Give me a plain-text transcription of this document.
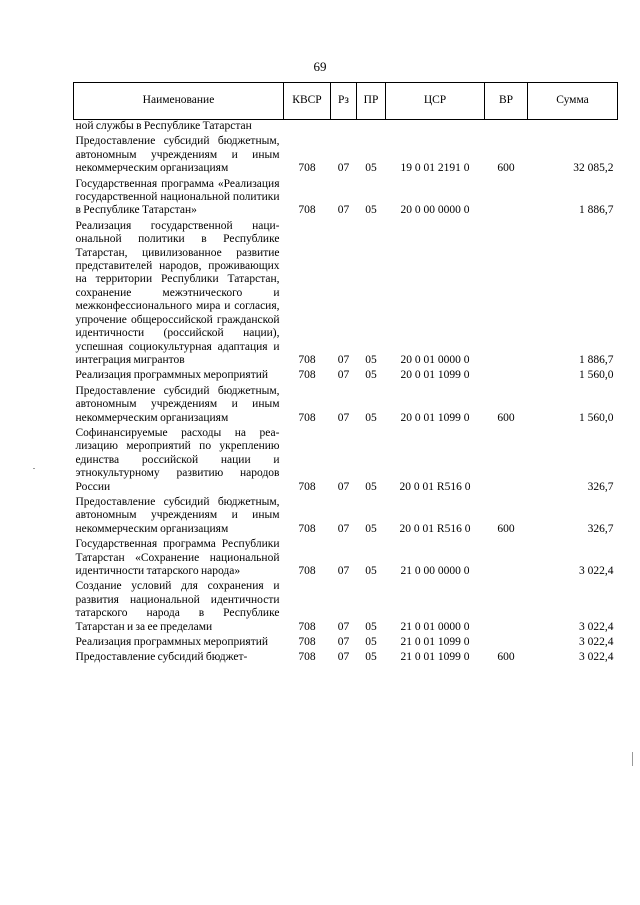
69
Наименование	КВСР	Рз	ПР	ЦСР	ВР	Сумма
ной службы в Республике Татарстан						
Предоставление субсидий бюджетным, автономным учреждениям и иным некоммерческим организациям	708	07	05	19 0 01 2191 0	600	32 085,2
Государственная программа «Реализация государственной национальной политики в Республике Татарстан»	708	07	05	20 0 00 0000 0		1 886,7
Реализация государственной национальной политики в Республике Татарстан, цивилизованное развитие представителей народов, проживающих на территории Республики Татарстан, сохранение межэтнического и межконфессионального мира и согласия, упрочение общероссийской гражданской идентичности (российской нации), успешная социокультурная адаптация и интеграция мигрантов	708	07	05	20 0 01 0000 0		1 886,7
Реализация программных мероприятий	708	07	05	20 0 01 1099 0		1 560,0
Предоставление субсидий бюджетным, автономным учреждениям и иным некоммерческим организациям	708	07	05	20 0 01 1099 0	600	1 560,0
Софинансируемые расходы на реализацию мероприятий по укреплению единства российской нации и этнокультурному развитию народов России	708	07	05	20 0 01 R516 0		326,7
Предоставление субсидий бюджетным, автономным учреждениям и иным некоммерческим организациям	708	07	05	20 0 01 R516 0	600	326,7
Государственная программа Республики Татарстан «Сохранение национальной идентичности татарского народа»	708	07	05	21 0 00 0000 0		3 022,4
Создание условий для сохранения и развития национальной идентичности татарского народа в Республике Татарстан и за ее пределами	708	07	05	21 0 01 0000 0		3 022,4
Реализация программных мероприятий	708	07	05	21 0 01 1099 0		3 022,4
Предоставление субсидий бюджет-	708	07	05	21 0 01 1099 0	600	3 022,4
